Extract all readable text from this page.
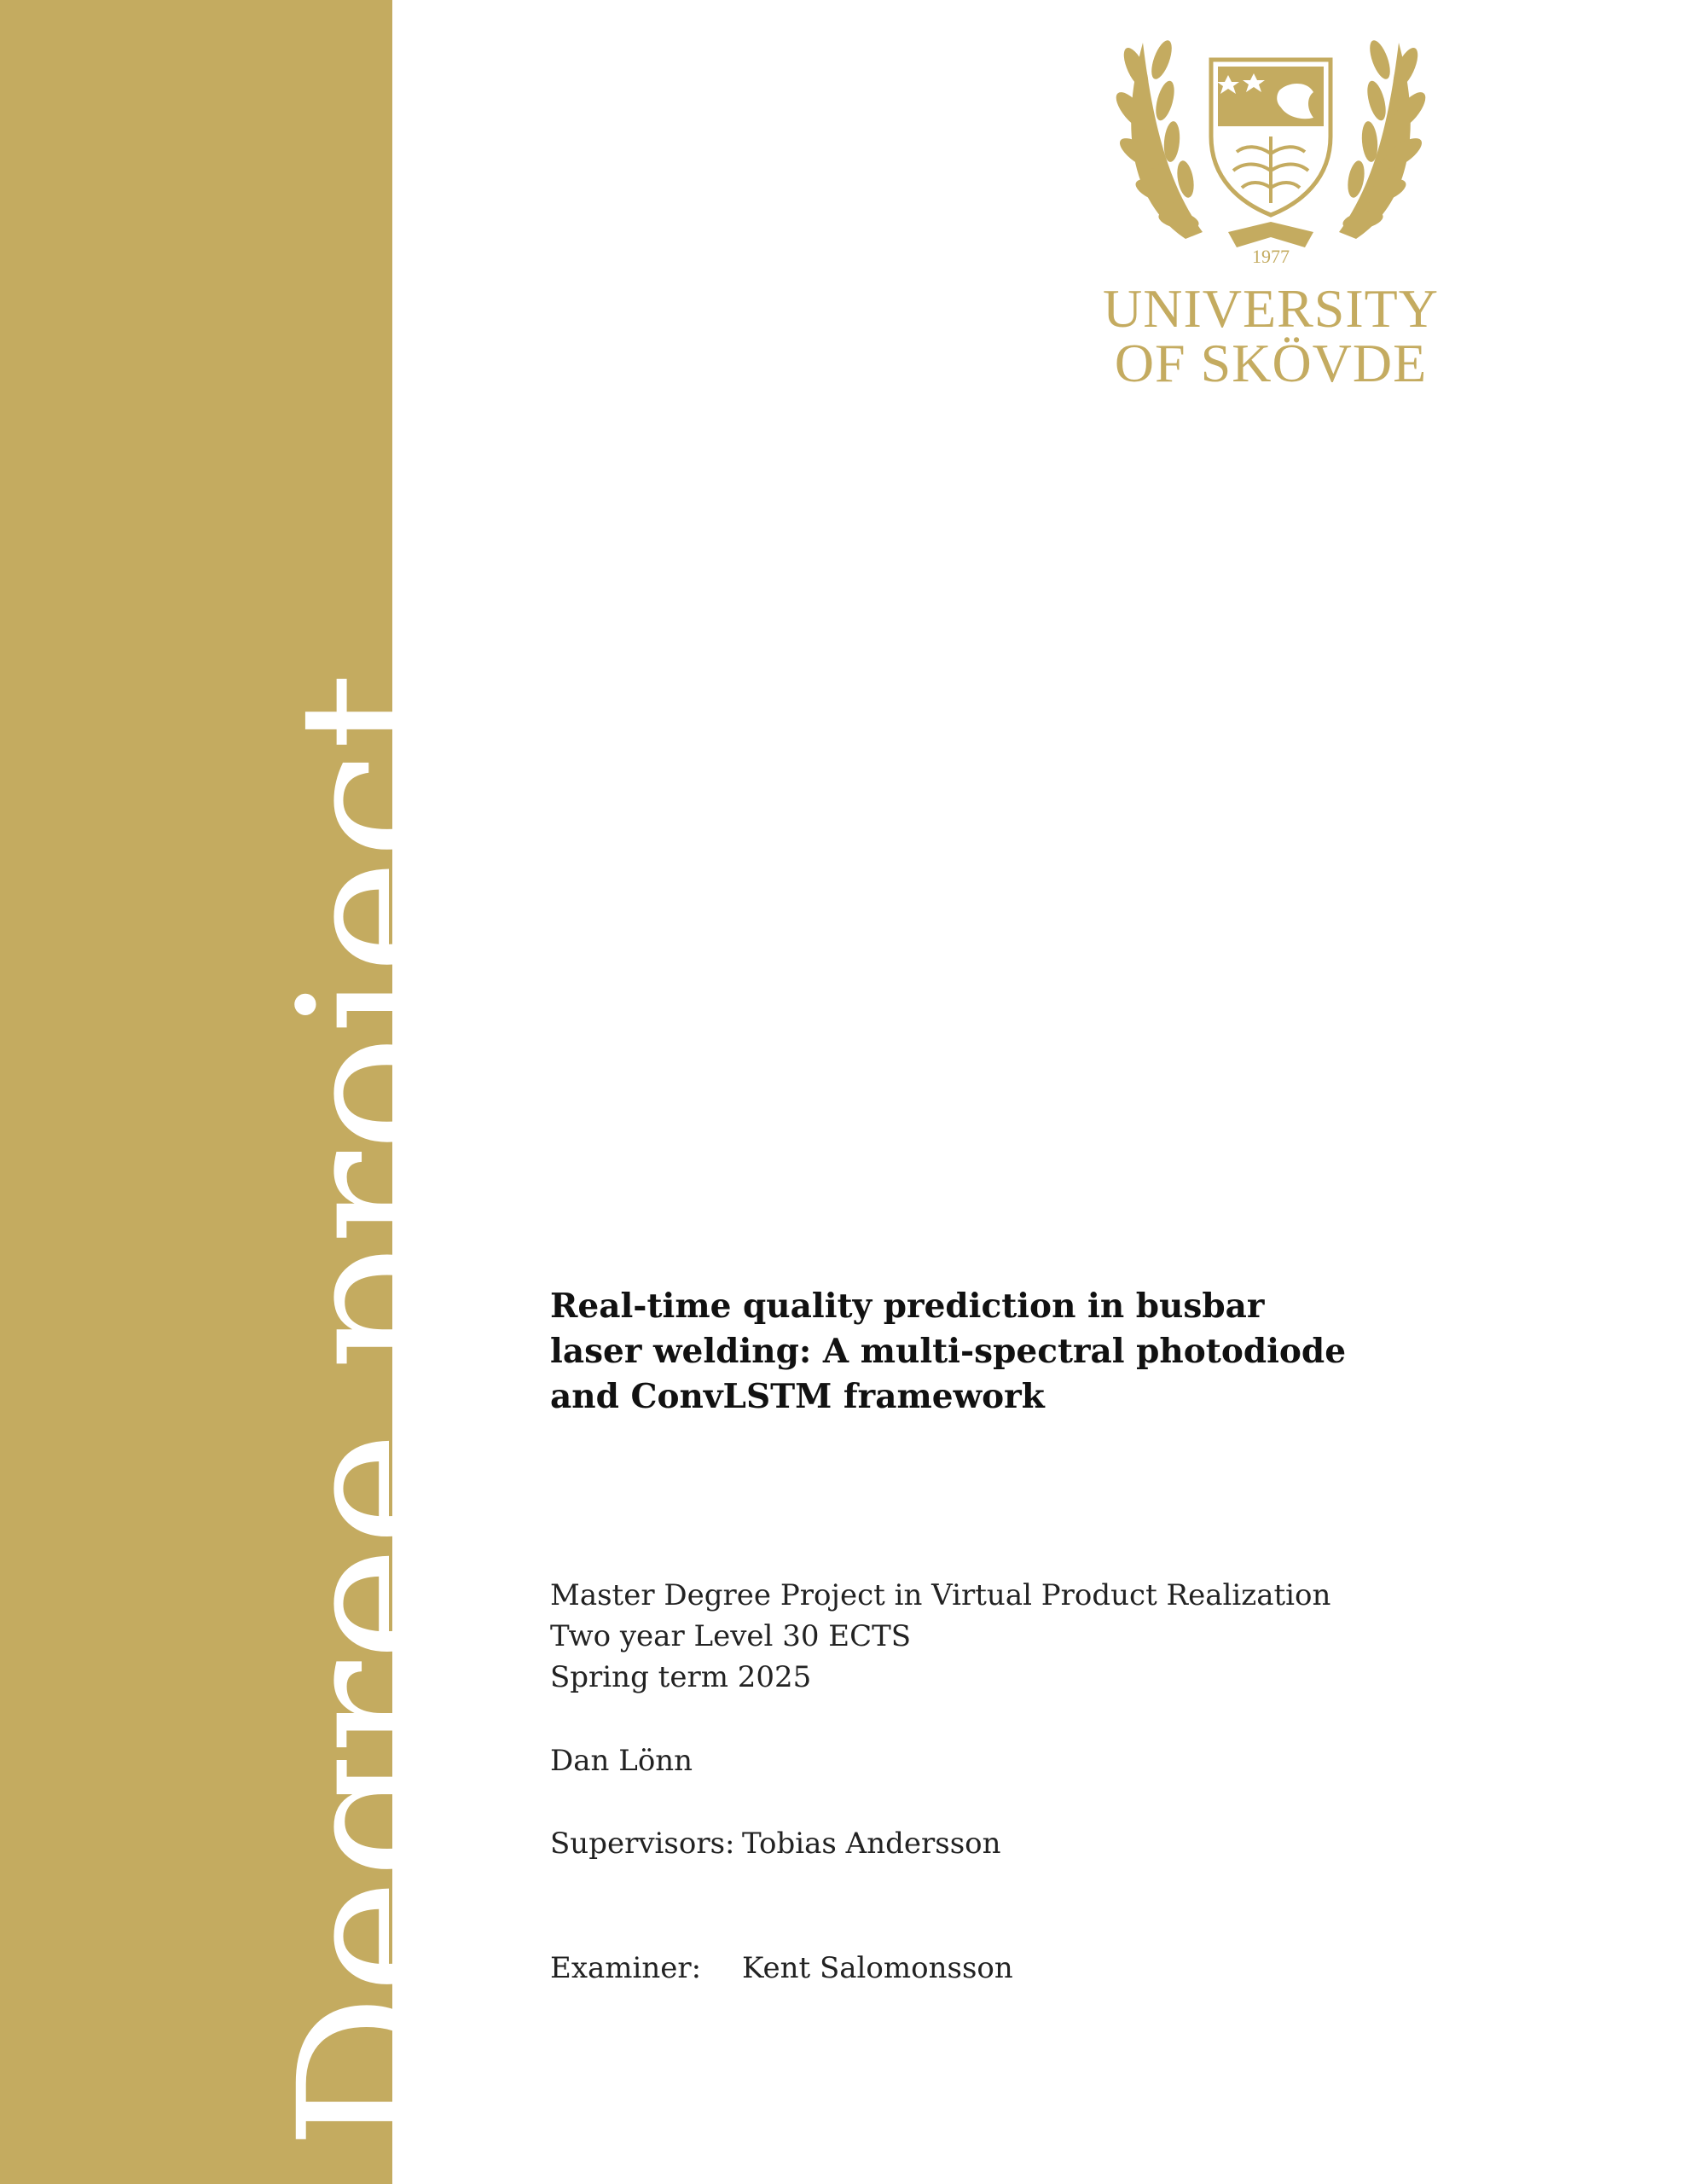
Degree project
1977
UNIVERSITY
OF SKÖVDE
Real-time quality prediction in busbar
laser welding: A multi-spectral photodiode
and ConvLSTM framework
Master Degree Project in Virtual Product Realization
Two year Level 30 ECTS
Spring term 2025
Dan Lönn
Supervisors: Tobias Andersson
Examiner: Kent Salomonsson
